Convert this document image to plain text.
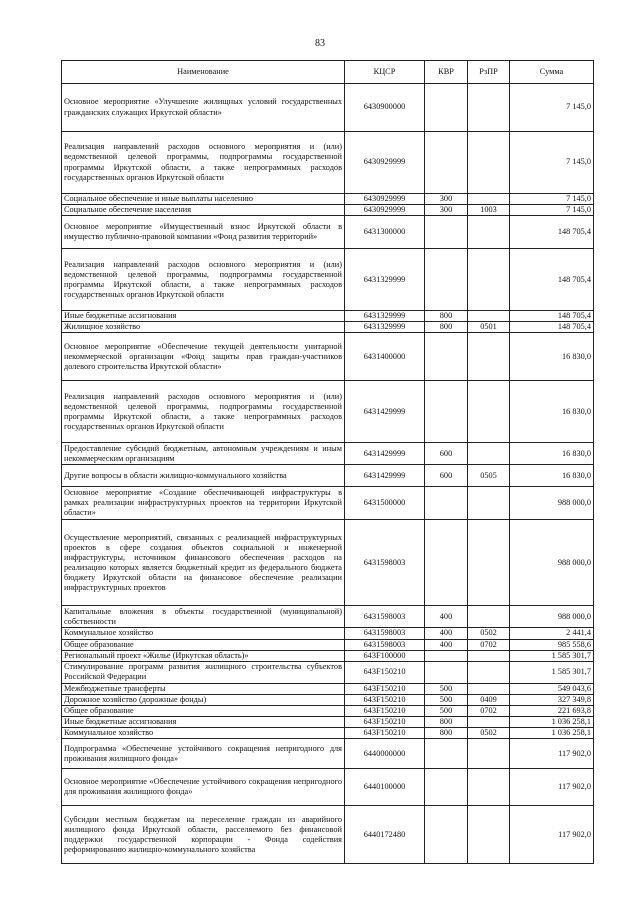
83
Наименование	КЦСР	КВР	РзПР	Сумма
Основное мероприятие «Улучшение жилищных условий государственных гражданских служащих Иркутской области»	6430900000			7 145,0
Реализация направлений расходов основного мероприятия и (или) ведомственной целевой программы, подпрограммы государственной программы Иркутской области, а также непрограммных расходов государственных органов Иркутской области	6430929999			7 145,0
Социальное обеспечение и иные выплаты населению	6430929999	300		7 145,0
Социальное обеспечение населения	6430929999	300	1003	7 145,0
Основное мероприятие «Имущественный взнос Иркутской области в имущество публично-правовой компании «Фонд развития территорий»	6431300000			148 705,4
Реализация направлений расходов основного мероприятия и (или) ведомственной целевой программы, подпрограммы государственной программы Иркутской области, а также непрограммных расходов государственных органов Иркутской области	6431329999			148 705,4
Иные бюджетные ассигнования	6431329999	800		148 705,4
Жилищное хозяйство	6431329999	800	0501	148 705,4
Основное мероприятие «Обеспечение текущей деятельности унитарной некоммерческой организации «Фонд защиты прав граждан-участников долевого строительства Иркутской области»	6431400000			16 830,0
Реализация направлений расходов основного мероприятия и (или) ведомственной целевой программы, подпрограммы государственной программы Иркутской области, а также непрограммных расходов государственных органов Иркутской области	6431429999			16 830,0
Предоставление субсидий бюджетным, автономным учреждениям и иным некоммерческим организациям	6431429999	600		16 830,0
Другие вопросы в области жилищно-коммунального хозяйства	6431429999	600	0505	16 830,0
Основное мероприятие «Создание обеспечивающей инфраструктуры в рамках реализации инфраструктурных проектов на территории Иркутской области»	6431500000			988 000,0
Осуществление мероприятий, связанных с реализацией инфраструктурных проектов в сфере создания объектов социальной и инженерной инфраструктуры, источником финансового обеспечения расходов на реализацию которых является бюджетный кредит из федерального бюджета бюджету Иркутской области на финансовое обеспечение реализации инфраструктурных проектов	6431598003			988 000,0
Капитальные вложения в объекты государственной (муниципальной) собственности	6431598003	400		988 000,0
Коммунальное хозяйство	6431598003	400	0502	2 441,4
Общее образование	6431598003	400	0702	985 558,6
Региональный проект «Жилье (Иркутская область)»	643F100000			1 585 301,7
Стимулирование программ развития жилищного строительства субъектов Российской Федерации	643F150210			1 585 301,7
Межбюджетные трансферты	643F150210	500		549 043,6
Дорожное хозяйство (дорожные фонды)	643F150210	500	0409	327 349,8
Общее образование	643F150210	500	0702	221 693,8
Иные бюджетные ассигнования	643F150210	800		1 036 258,1
Коммунальное хозяйство	643F150210	800	0502	1 036 258,1
Подпрограмма «Обеспечение устойчивого сокращения непригодного для проживания жилищного фонда»	6440000000			117 902,0
Основное мероприятие «Обеспечение устойчивого сокращения непригодного для проживания жилищного фонда»	6440100000			117 902,0
Субсидии местным бюджетам на переселение граждан из аварийного жилищного фонда Иркутской области, расселяемого без финансовой поддержки государственной корпорации - Фонда содействия реформированию жилищно-коммунального хозяйства	6440172480			117 902,0
